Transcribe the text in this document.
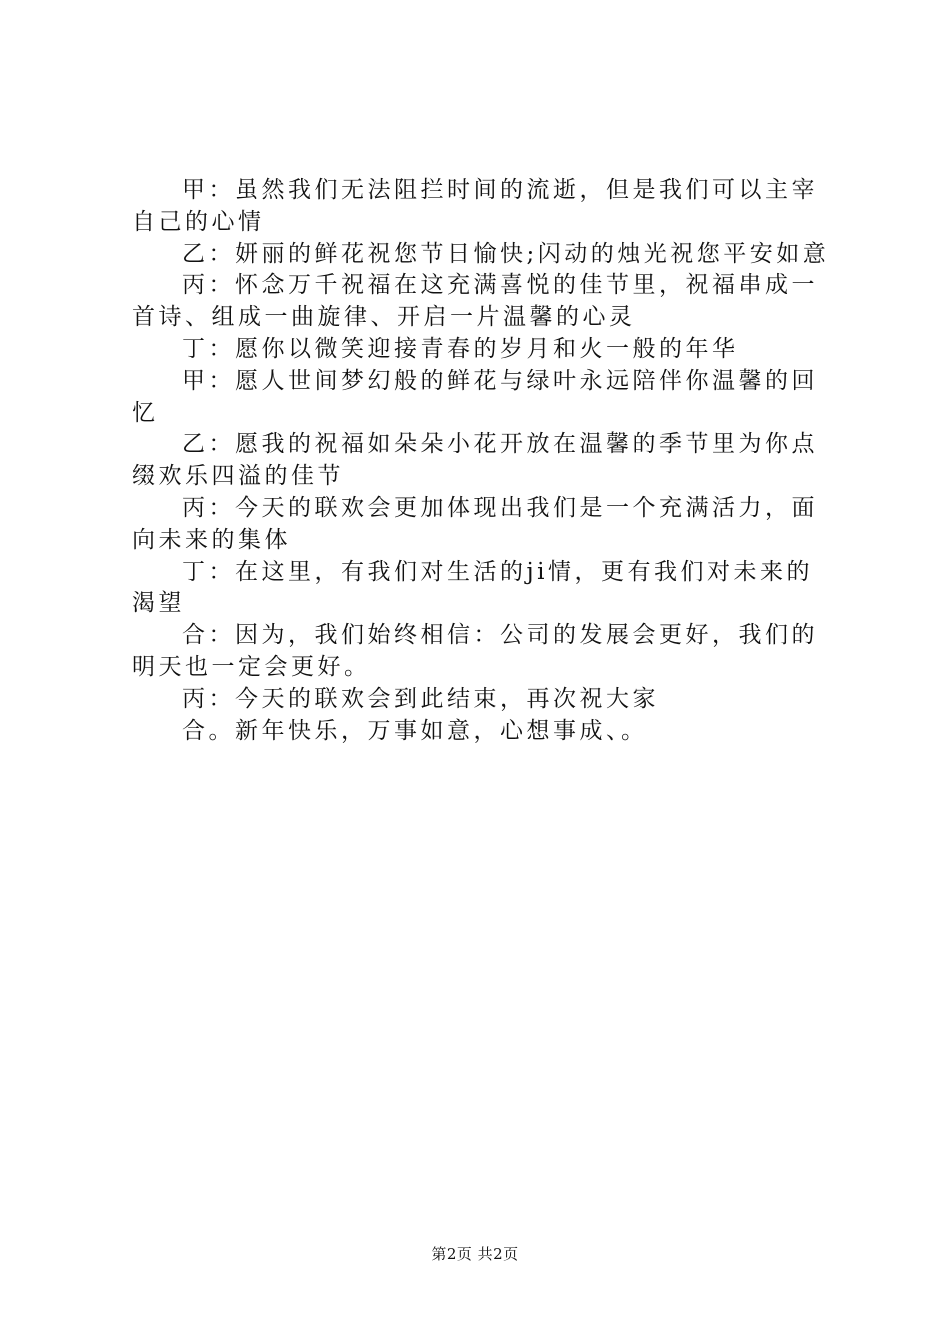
甲：虽然我们无法阻拦时间的流逝，但是我们可以主宰自己的心情

乙：妍丽的鲜花祝您节日愉快;闪动的烛光祝您平安如意

丙：怀念万千祝福在这充满喜悦的佳节里，祝福串成一首诗、组成一曲旋律、开启一片温馨的心灵

丁：愿你以微笑迎接青春的岁月和火一般的年华

甲：愿人世间梦幻般的鲜花与绿叶永远陪伴你温馨的回忆

乙：愿我的祝福如朵朵小花开放在温馨的季节里为你点缀欢乐四溢的佳节

丙：今天的联欢会更加体现出我们是一个充满活力，面向未来的集体

丁：在这里，有我们对生活的ji情，更有我们对未来的渴望

合：因为，我们始终相信：公司的发展会更好，我们的明天也一定会更好。

丙：今天的联欢会到此结束，再次祝大家

合。新年快乐，万事如意，心想事成、。

第2页 共2页
